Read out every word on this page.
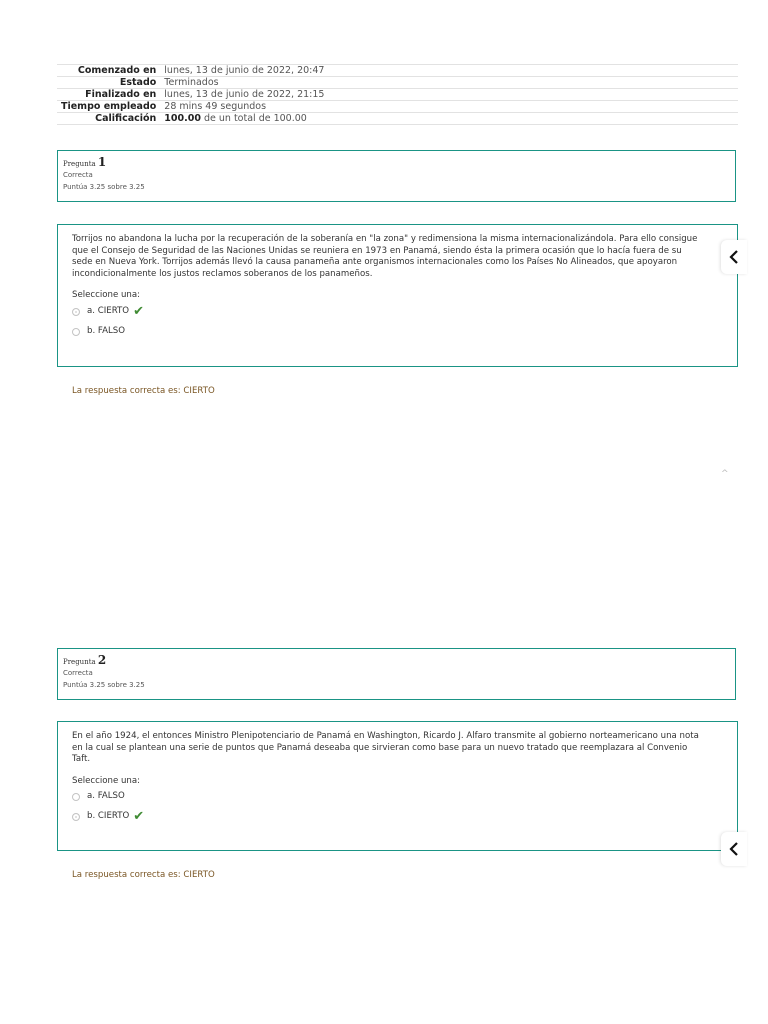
Comenzado en	lunes, 13 de junio de 2022, 20:47
Estado	Terminados
Finalizado en	lunes, 13 de junio de 2022, 21:15
Tiempo empleado	28 mins 49 segundos
Calificación	100.00 de un total de 100.00
Pregunta 1
Correcta
Puntúa 3.25 sobre 3.25

Torrijos no abandona la lucha por la recuperación de la soberanía en "la zona" y redimensiona la misma internacionalizándola. Para ello consigue que el Consejo de Seguridad de las Naciones Unidas se reuniera en 1973 en Panamá, siendo ésta la primera ocasión que lo hacía fuera de su sede en Nueva York. Torrijos además llevó la causa panameña ante organismos internacionales como los Países No Alineados, que apoyaron incondicionalmente los justos reclamos soberanos de los panameños.

Seleccione una:
a. CIERTO ✔
b. FALSO
La respuesta correcta es: CIERTO
^
Pregunta 2
Correcta
Puntúa 3.25 sobre 3.25

En el año 1924, el entonces Ministro Plenipotenciario de Panamá en Washington, Ricardo J. Alfaro transmite al gobierno norteamericano una nota en la cual se plantean una serie de puntos que Panamá deseaba que sirvieran como base para un nuevo tratado que reemplazara al Convenio Taft.

Seleccione una:
a. FALSO
b. CIERTO ✔
La respuesta correcta es: CIERTO
